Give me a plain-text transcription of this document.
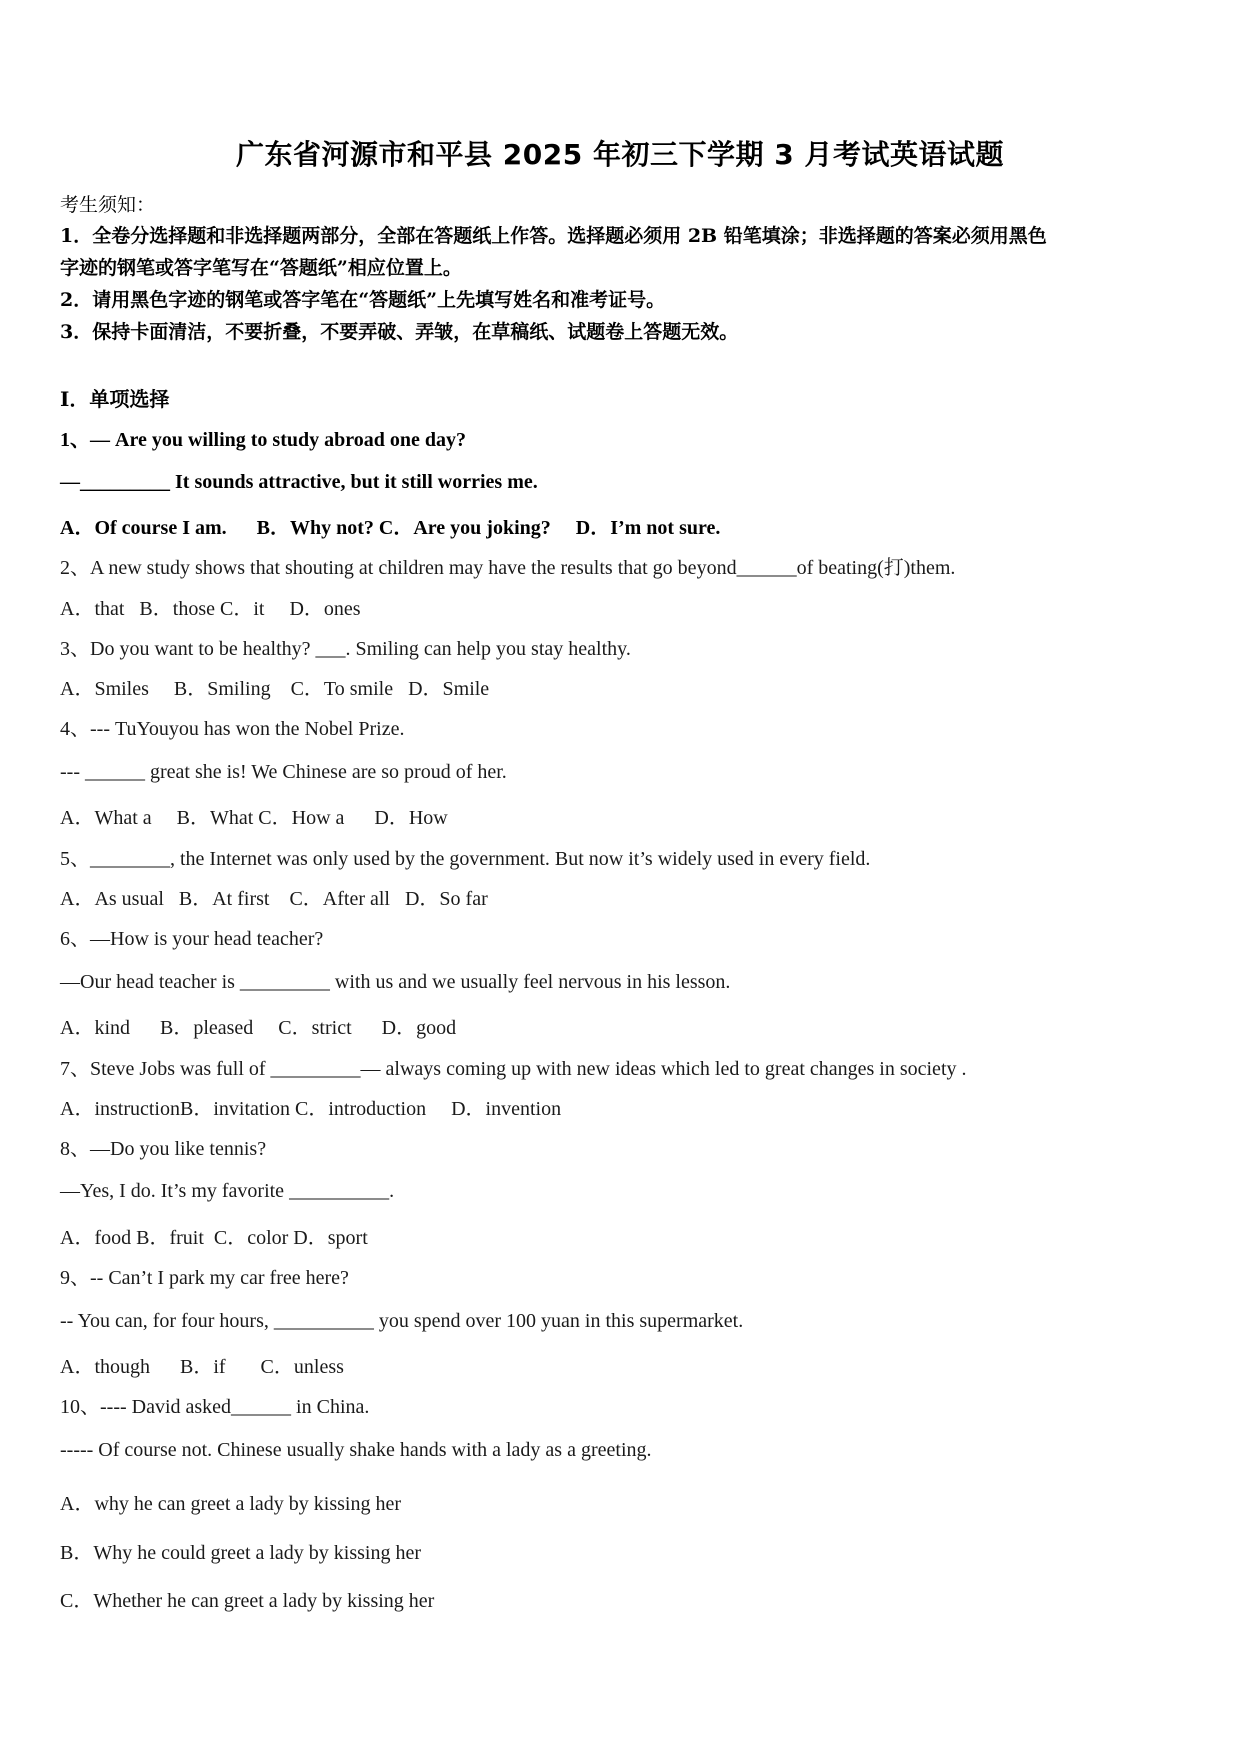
广东省河源市和平县 2025 年初三下学期 3 月考试英语试题
考生须知：
1．全卷分选择题和非选择题两部分，全部在答题纸上作答。选择题必须用 2B 铅笔填涂；非选择题的答案必须用黑色
字迹的钢笔或答字笔写在“答题纸”相应位置上。
2．请用黑色字迹的钢笔或答字笔在“答题纸”上先填写姓名和准考证号。
3．保持卡面清洁，不要折叠，不要弄破、弄皱，在草稿纸、试题卷上答题无效。
Ⅰ．单项选择
1、— Are you willing to study abroad one day?
—_________ It sounds attractive, but it still worries me.
A．Of course I am.      B．Why not? C．Are you joking?     D．I’m not sure.
2、A new study shows that shouting at children may have the results that go beyond______of beating(打)them.
A．that   B．those C．it     D．ones
3、Do you want to be healthy? ___. Smiling can help you stay healthy.
A．Smiles     B．Smiling    C．To smile   D．Smile
4、--- TuYouyou has won the Nobel Prize.
--- ______ great she is! We Chinese are so proud of her.
A．What a     B．What C．How a      D．How
5、________, the Internet was only used by the government. But now it’s widely used in every field.
A．As usual   B．At first    C．After all   D．So far
6、—How is your head teacher?
—Our head teacher is _________ with us and we usually feel nervous in his lesson.
A．kind      B．pleased     C．strict      D．good
7、Steve Jobs was full of _________— always coming up with new ideas which led to great changes in society .
A．instructionB．invitation C．introduction     D．invention
8、—Do you like tennis?
—Yes, I do. It’s my favorite __________.
A．food B．fruit  C．color D．sport
9、-- Can’t I park my car free here?
-- You can, for four hours, __________ you spend over 100 yuan in this supermarket.
A．though      B．if       C．unless
10、---- David asked______ in China.
----- Of course not. Chinese usually shake hands with a lady as a greeting.
A．why he can greet a lady by kissing her
B．Why he could greet a lady by kissing her
C．Whether he can greet a lady by kissing her
